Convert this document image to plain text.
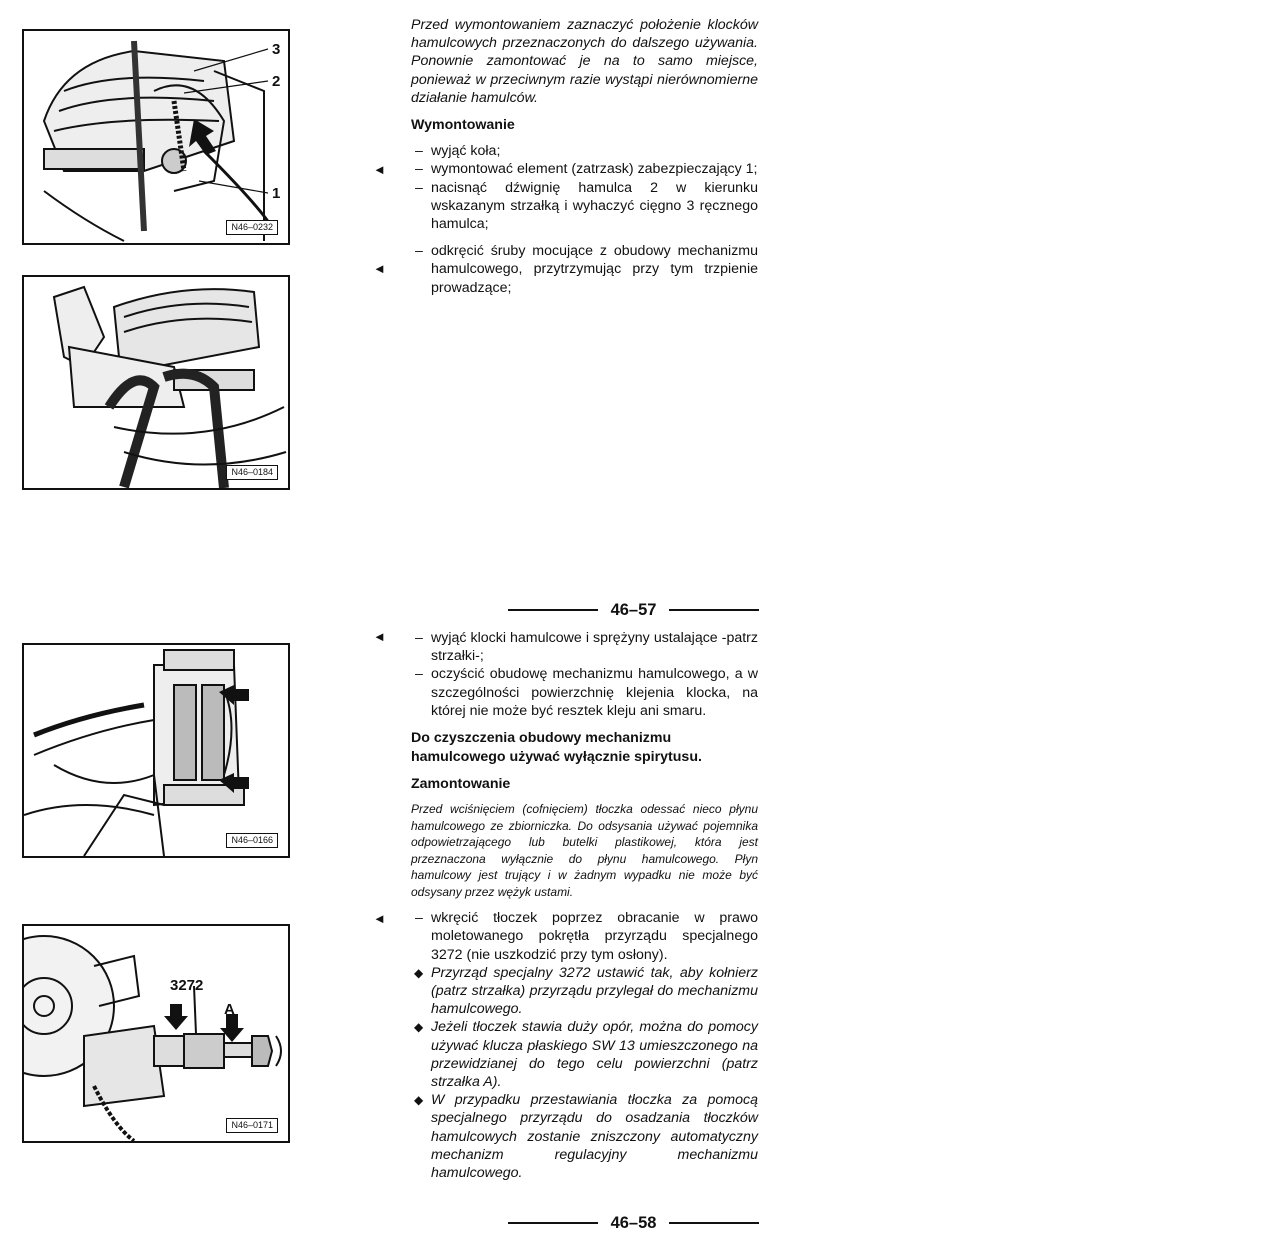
3
2
1
N46–0232
N46–0184
N46–0166
3272
A
N46–0171
◄
◄
◄
◄

Przed wymontowaniem zaznaczyć położenie klocków hamulcowych przeznaczonych do dalszego używania. Ponownie zamontować je na to samo miejsce, ponieważ w przeciwnym razie wystąpi nierównomierne działanie hamulców.

Wymontowanie

– wyjąć koła;
– wymontować element (zatrzask) zabezpieczający 1;
– nacisnąć dźwignię hamulca 2 w kierunku wskazanym strzałką i wyhaczyć cięgno 3 ręcznego hamulca;
– odkręcić śruby mocujące z obudowy mechanizmu hamulcowego, przytrzymując przy tym trzpienie prowadzące;
46–57
– wyjąć klocki hamulcowe i sprężyny ustalające -patrz strzałki-;
– oczyścić obudowę mechanizmu hamulcowego, a w szczególności powierzchnię klejenia klocka, na której nie może być resztek kleju ani smaru.

Do czyszczenia obudowy mechanizmu hamulcowego używać wyłącznie spirytusu.

Zamontowanie

Przed wciśnięciem (cofnięciem) tłoczka odessać nieco płynu hamulcowego ze zbiorniczka. Do odsysania używać pojemnika odpowietrzającego lub butelki plastikowej, która jest przeznaczona wyłącznie do płynu hamulcowego. Płyn hamulcowy jest trujący i w żadnym wypadku nie może być odsysany przez wężyk ustami.

– wkręcić tłoczek poprzez obracanie w prawo moletowanego pokrętła przyrządu specjalnego 3272 (nie uszkodzić przy tym osłony).
◆ Przyrząd specjalny 3272 ustawić tak, aby kołnierz (patrz strzałka) przyrządu przylegał do mechanizmu hamulcowego.
◆ Jeżeli tłoczek stawia duży opór, można do pomocy używać klucza płaskiego SW 13 umieszczonego na przewidzianej do tego celu powierzchni (patrz strzałka A).
◆ W przypadku przestawiania tłoczka za pomocą specjalnego przyrządu do osadzania tłoczków hamulcowych zostanie zniszczony automatyczny mechanizm regulacyjny mechanizmu hamulcowego.
46–58
